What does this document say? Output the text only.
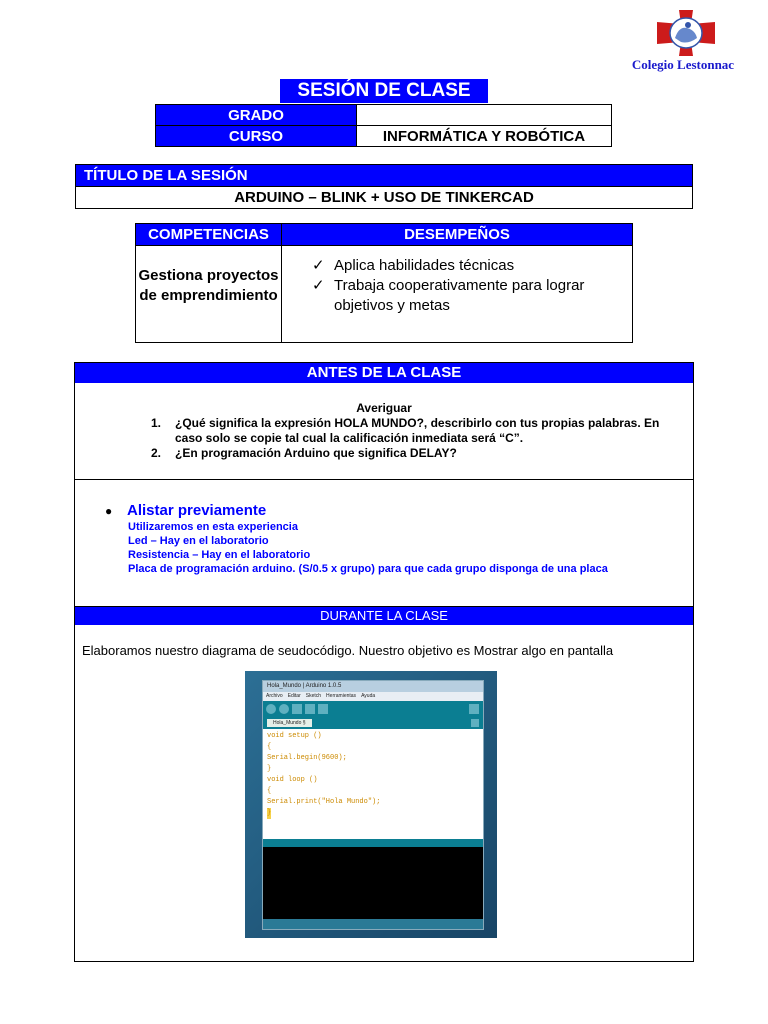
Colegio Lestonnac
SESIÓN DE CLASE N°5
GRADO	
CURSO	INFORMÁTICA Y ROBÓTICA
TÍTULO DE LA SESIÓN
ARDUINO – BLINK + USO DE TINKERCAD
COMPETENCIAS	DESEMPEÑOS
Gestiona proyectos de emprendimiento	✓ Aplica habilidades técnicas
✓ Trabaja cooperativamente para lograr objetivos y metas
ANTES DE LA CLASE
Averiguar
1.	¿Qué significa la expresión HOLA MUNDO?, describirlo con tus propias palabras. En caso solo se copie tal cual la calificación inmediata será “C”.
2.	¿En programación Arduino que significa DELAY?
● Alistar previamente
Utilizaremos en esta experiencia
Led – Hay en el laboratorio
Resistencia – Hay en el laboratorio
Placa de programación arduino. (S/0.5 x grupo) para que cada grupo disponga de una placa
DURANTE LA CLASE
Elaboramos nuestro diagrama de seudocódigo. Nuestro objetivo es Mostrar algo en pantalla
Hola_Mundo | Arduino 1.0.5
Archivo Editar Sketch Herramientas Ayuda
Hola_Mundo §
void setup ()
{
Serial.begin(9600);
}
void loop ()
{
Serial.print("Hola Mundo");
}
